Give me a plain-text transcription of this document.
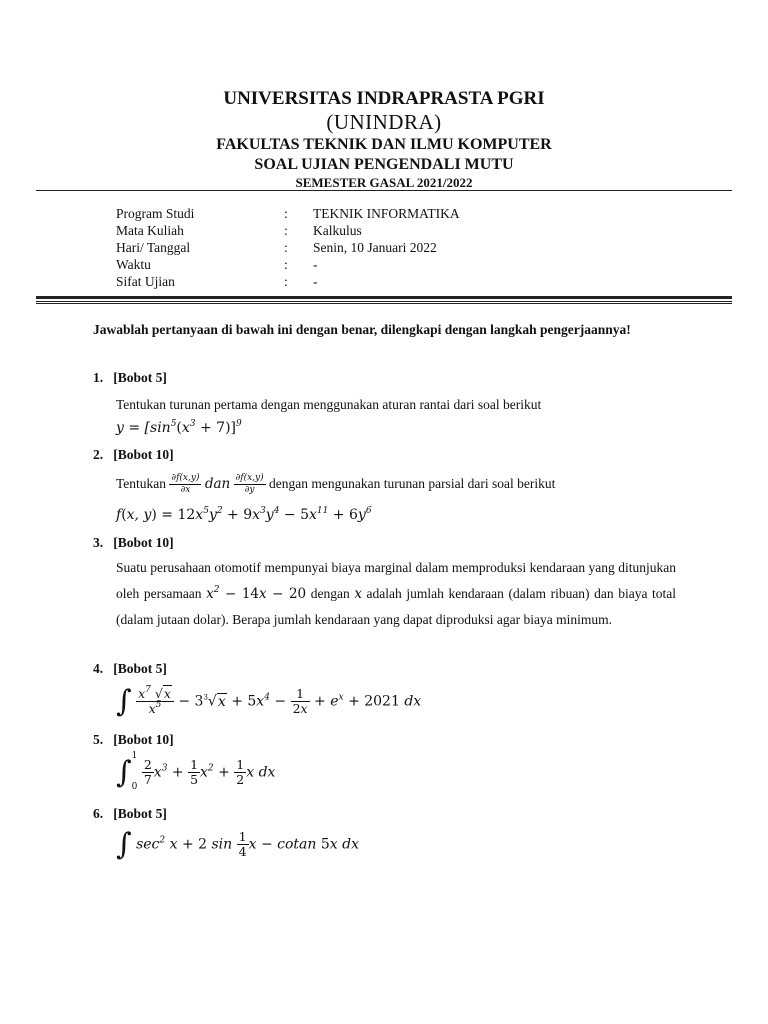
UNIVERSITAS INDRAPRASTA PGRI
(UNINDRA)
FAKULTAS TEKNIK DAN ILMU KOMPUTER
SOAL UJIAN PENGENDALI MUTU
SEMESTER GASAL 2021/2022
Program Studi	:	TEKNIK INFORMATIKA
Mata Kuliah	:	Kalkulus
Hari/ Tanggal	:	Senin, 10 Januari 2022
Waktu	:	-
Sifat Ujian	:	-
Jawablah pertanyaan di bawah ini dengan benar, dilengkapi dengan langkah pengerjaannya!
1. [Bobot 5]
Tentukan turunan pertama dengan menggunakan aturan rantai dari soal berikut
$y = [\sin^5(x^3 + 7)]^9$
2. [Bobot 10]
Tentukan $\frac{\partial f(x,y)}{\partial x}$ dan $\frac{\partial f(x,y)}{\partial y}$ dengan mengunakan turunan parsial dari soal berikut
f(x, $y) = 12x^5y^2 + 9x^3y^4 - 5x^{11} + 6y^6$
3. [Bobot 10]
Suatu perusahaan otomotif mempunyai biaya marginal dalam memproduksi kendaraan yang ditunjukan oleh persamaan $x^2 - 14x - 20$ dengan x adalah jumlah kendaraan (dalam ribuan) dan biaya total (dalam jutaan dolar). Berapa jumlah kendaraan yang dapat diproduksi agar biaya minimum.
4. [Bobot 5]
∫ $\frac{x^7 √x}{x^5} - 3^3√x + 5x^4 - \frac{1}{2x} + e^x + 2021$ dx
5. [Bobot 10]
∫ 1
0
$\frac{2}{7} x^3 + \frac{1}{5} x^2 + \frac{1}{2}$ x dx
6. [Bobot 5]
∫ $\sec^2 x + 2$ $\sin \frac{1}{4}$ x − cotan 5x dx
